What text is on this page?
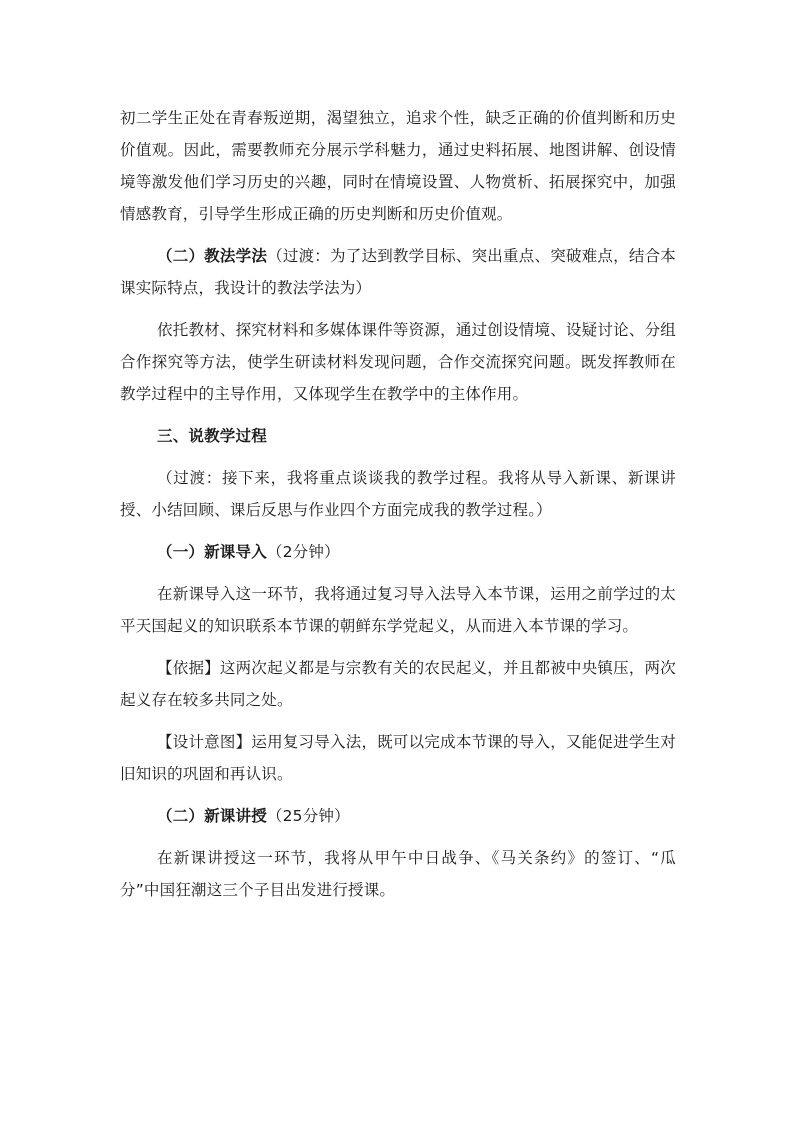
初二学生正处在青春叛逆期，渴望独立，追求个性，缺乏正确的价值判断和历史价值观。因此，需要教师充分展示学科魅力，通过史料拓展、地图讲解、创设情境等激发他们学习历史的兴趣，同时在情境设置、人物赏析、拓展探究中，加强情感教育，引导学生形成正确的历史判断和历史价值观。

（二）教法学法（过渡：为了达到教学目标、突出重点、突破难点，结合本课实际特点，我设计的教法学法为）

依托教材、探究材料和多媒体课件等资源，通过创设情境、设疑讨论、分组合作探究等方法，使学生研读材料发现问题，合作交流探究问题。既发挥教师在教学过程中的主导作用，又体现学生在教学中的主体作用。

三、说教学过程

（过渡：接下来，我将重点谈谈我的教学过程。我将从导入新课、新课讲授、小结回顾、课后反思与作业四个方面完成我的教学过程。）

（一）新课导入（2分钟）

在新课导入这一环节，我将通过复习导入法导入本节课，运用之前学过的太平天国起义的知识联系本节课的朝鲜东学党起义，从而进入本节课的学习。

【依据】这两次起义都是与宗教有关的农民起义，并且都被中央镇压，两次起义存在较多共同之处。

【设计意图】运用复习导入法，既可以完成本节课的导入，又能促进学生对旧知识的巩固和再认识。

（二）新课讲授（25分钟）

在新课讲授这一环节，我将从甲午中日战争、《马关条约》的签订、“瓜分”中国狂潮这三个子目出发进行授课。
